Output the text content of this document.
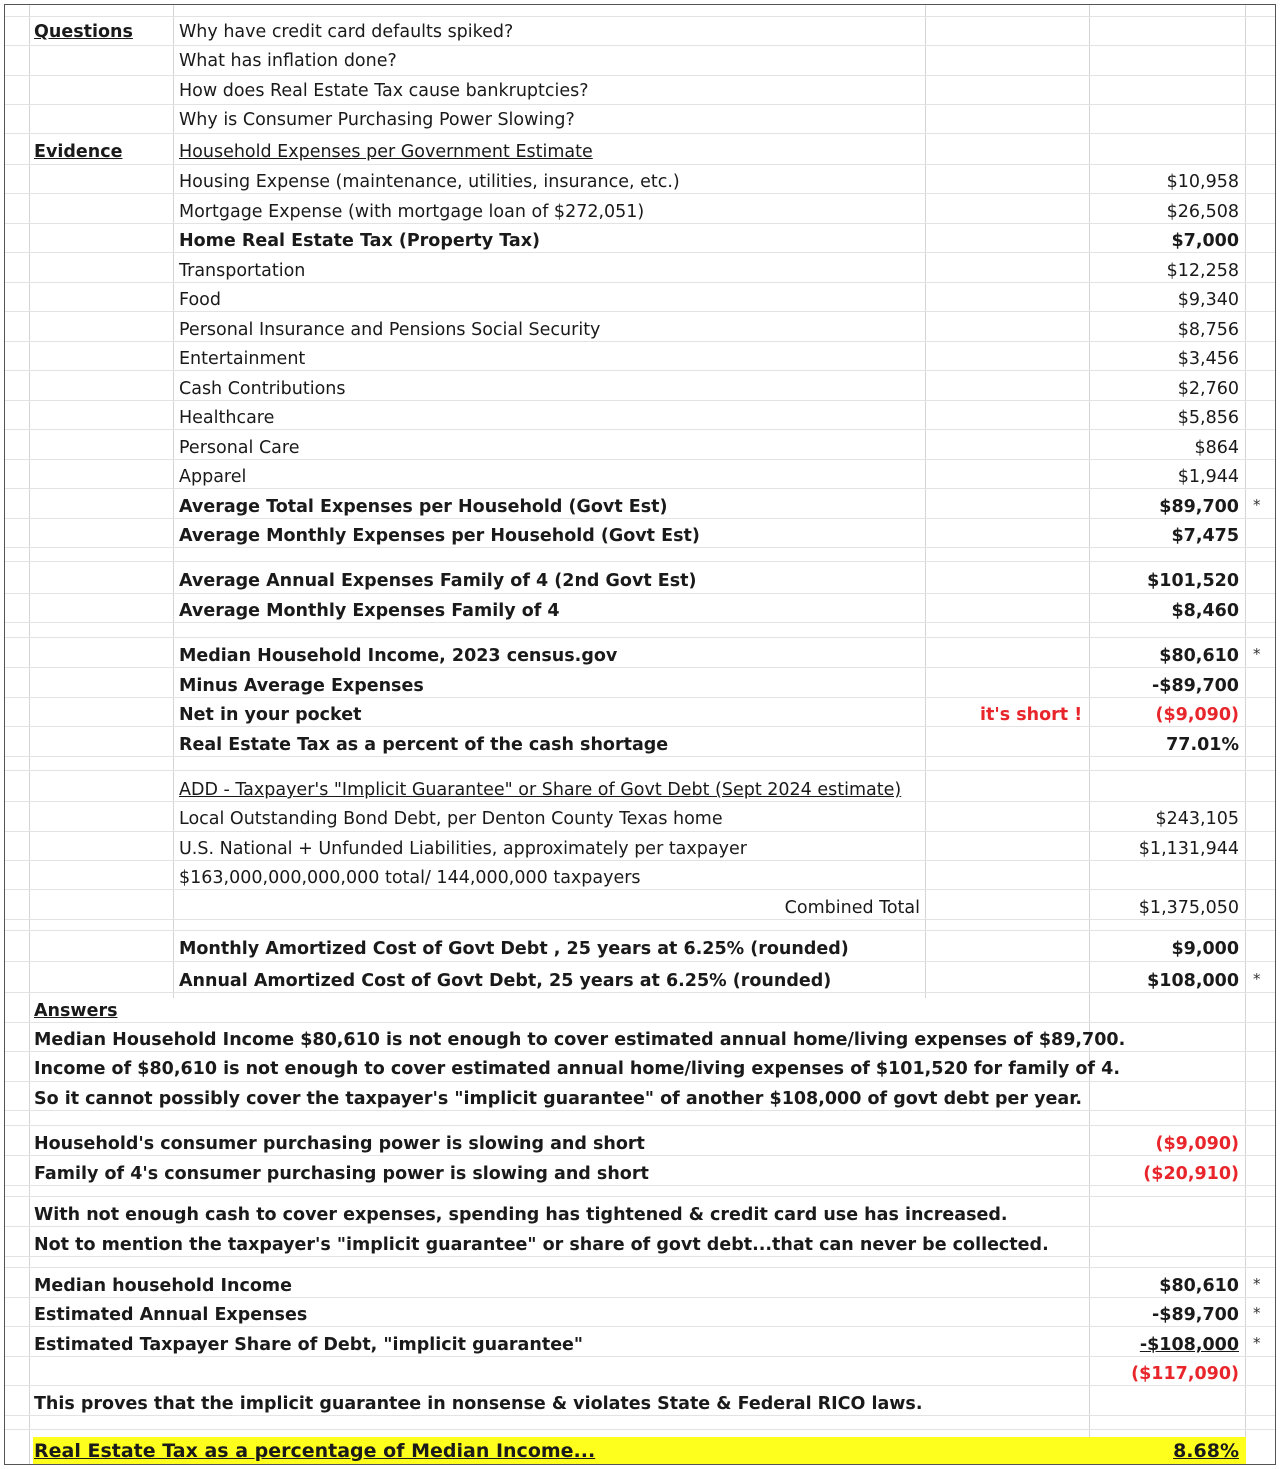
Questions	Why have credit card defaults spiked?
What has inflation done?
How does Real Estate Tax cause bankruptcies?
Why is Consumer Purchasing Power Slowing?
Evidence	Household Expenses per Government Estimate
Housing Expense (maintenance, utilities, insurance, etc.)	$10,958
Mortgage Expense (with mortgage loan of $272,051)	$26,508
Home Real Estate Tax (Property Tax)	$7,000
Transportation	$12,258
Food	$9,340
Personal Insurance and Pensions Social Security	$8,756
Entertainment	$3,456
Cash Contributions	$2,760
Healthcare	$5,856
Personal Care	$864
Apparel	$1,944
Average Total Expenses per Household (Govt Est)	$89,700 *
Average Monthly Expenses per Household (Govt Est)	$7,475
Average Annual Expenses Family of 4 (2nd Govt Est)	$101,520
Average Monthly Expenses Family of 4	$8,460
Median Household Income, 2023 census.gov	$80,610 *
Minus Average Expenses	-$89,700
Net in your pocket	it's short !	($9,090)
Real Estate Tax as a percent of the cash shortage	77.01%
ADD - Taxpayer's "Implicit Guarantee" or Share of Govt Debt (Sept 2024 estimate)
Local Outstanding Bond Debt, per Denton County Texas home	$243,105
U.S. National + Unfunded Liabilities, approximately per taxpayer	$1,131,944
$163,000,000,000,000 total/ 144,000,000 taxpayers
Combined Total	$1,375,050
Monthly Amortized Cost of Govt Debt , 25 years at 6.25% (rounded)	$9,000
Annual Amortized Cost of Govt Debt, 25 years at 6.25% (rounded)	$108,000 *
Answers
Median Household Income $80,610 is not enough to cover estimated annual home/living expenses of $89,700.
Income of $80,610 is not enough to cover estimated annual home/living expenses of $101,520 for family of 4.
So it cannot possibly cover the taxpayer's "implicit guarantee" of another $108,000 of govt debt per year.
Household's consumer purchasing power is slowing and short	($9,090)
Family of 4's consumer purchasing power is slowing and short	($20,910)
With not enough cash to cover expenses, spending has tightened & credit card use has increased.
Not to mention the taxpayer's "implicit guarantee" or share of govt debt...that can never be collected.
Median household Income	$80,610 *
Estimated Annual Expenses	-$89,700 *
Estimated Taxpayer Share of Debt, "implicit guarantee"	-$108,000 *
($117,090)
This proves that the implicit guarantee in nonsense & violates State & Federal RICO laws.
Real Estate Tax as a percentage of Median Income...	8.68%
